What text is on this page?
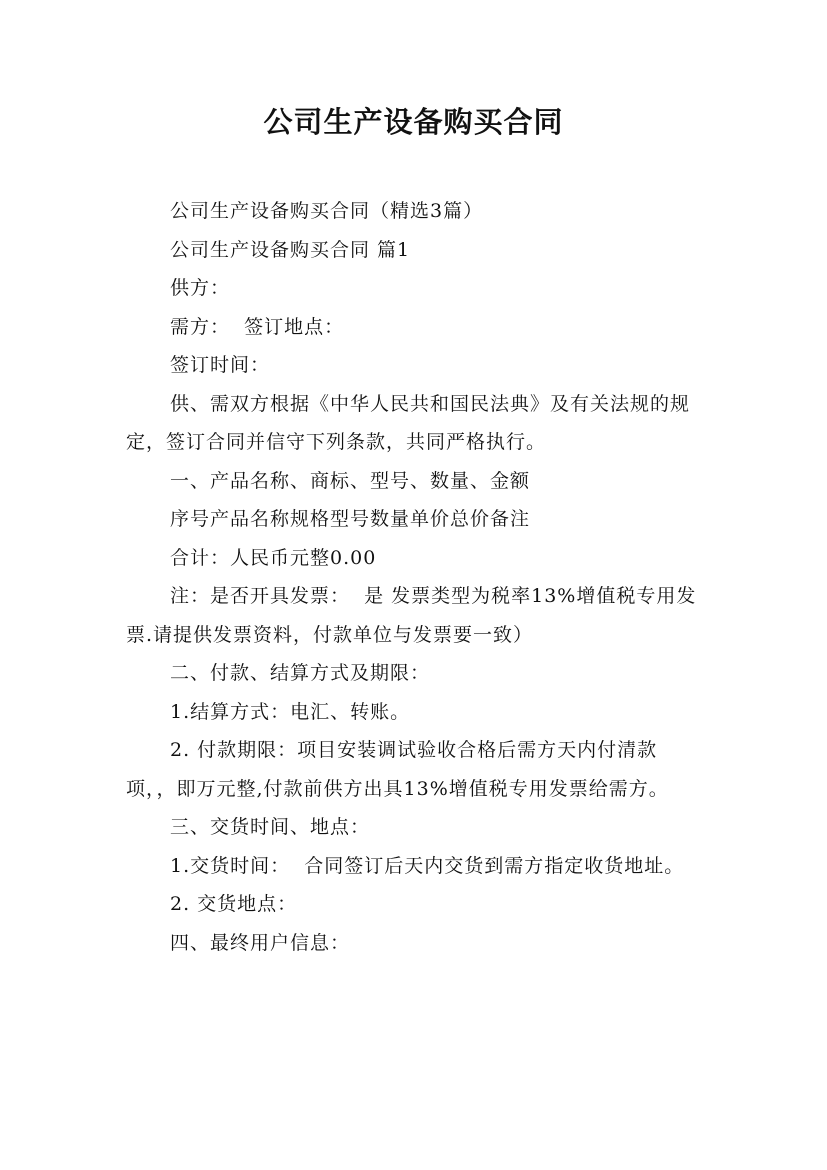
公司生产设备购买合同

公司生产设备购买合同（精选3篇）

公司生产设备购买合同 篇1

供方：

需方：  签订地点：

签订时间：

供、需双方根据《中华人民共和国民法典》及有关法规的规定，签订合同并信守下列条款，共同严格执行。

一、产品名称、商标、型号、数量、金额

序号产品名称规格型号数量单价总价备注

合计：人民币元整0.00

注：是否开具发票：  是 发票类型为税率13%增值税专用发票.请提供发票资料，付款单位与发票要一致）

二、付款、结算方式及期限：

1.结算方式：电汇、转账。

2. 付款期限：项目安装调试验收合格后需方天内付清款项，，即万元整,付款前供方出具13%增值税专用发票给需方。

三、交货时间、地点：

1.交货时间：  合同签订后天内交货到需方指定收货地址。

2. 交货地点：

四、最终用户信息：
